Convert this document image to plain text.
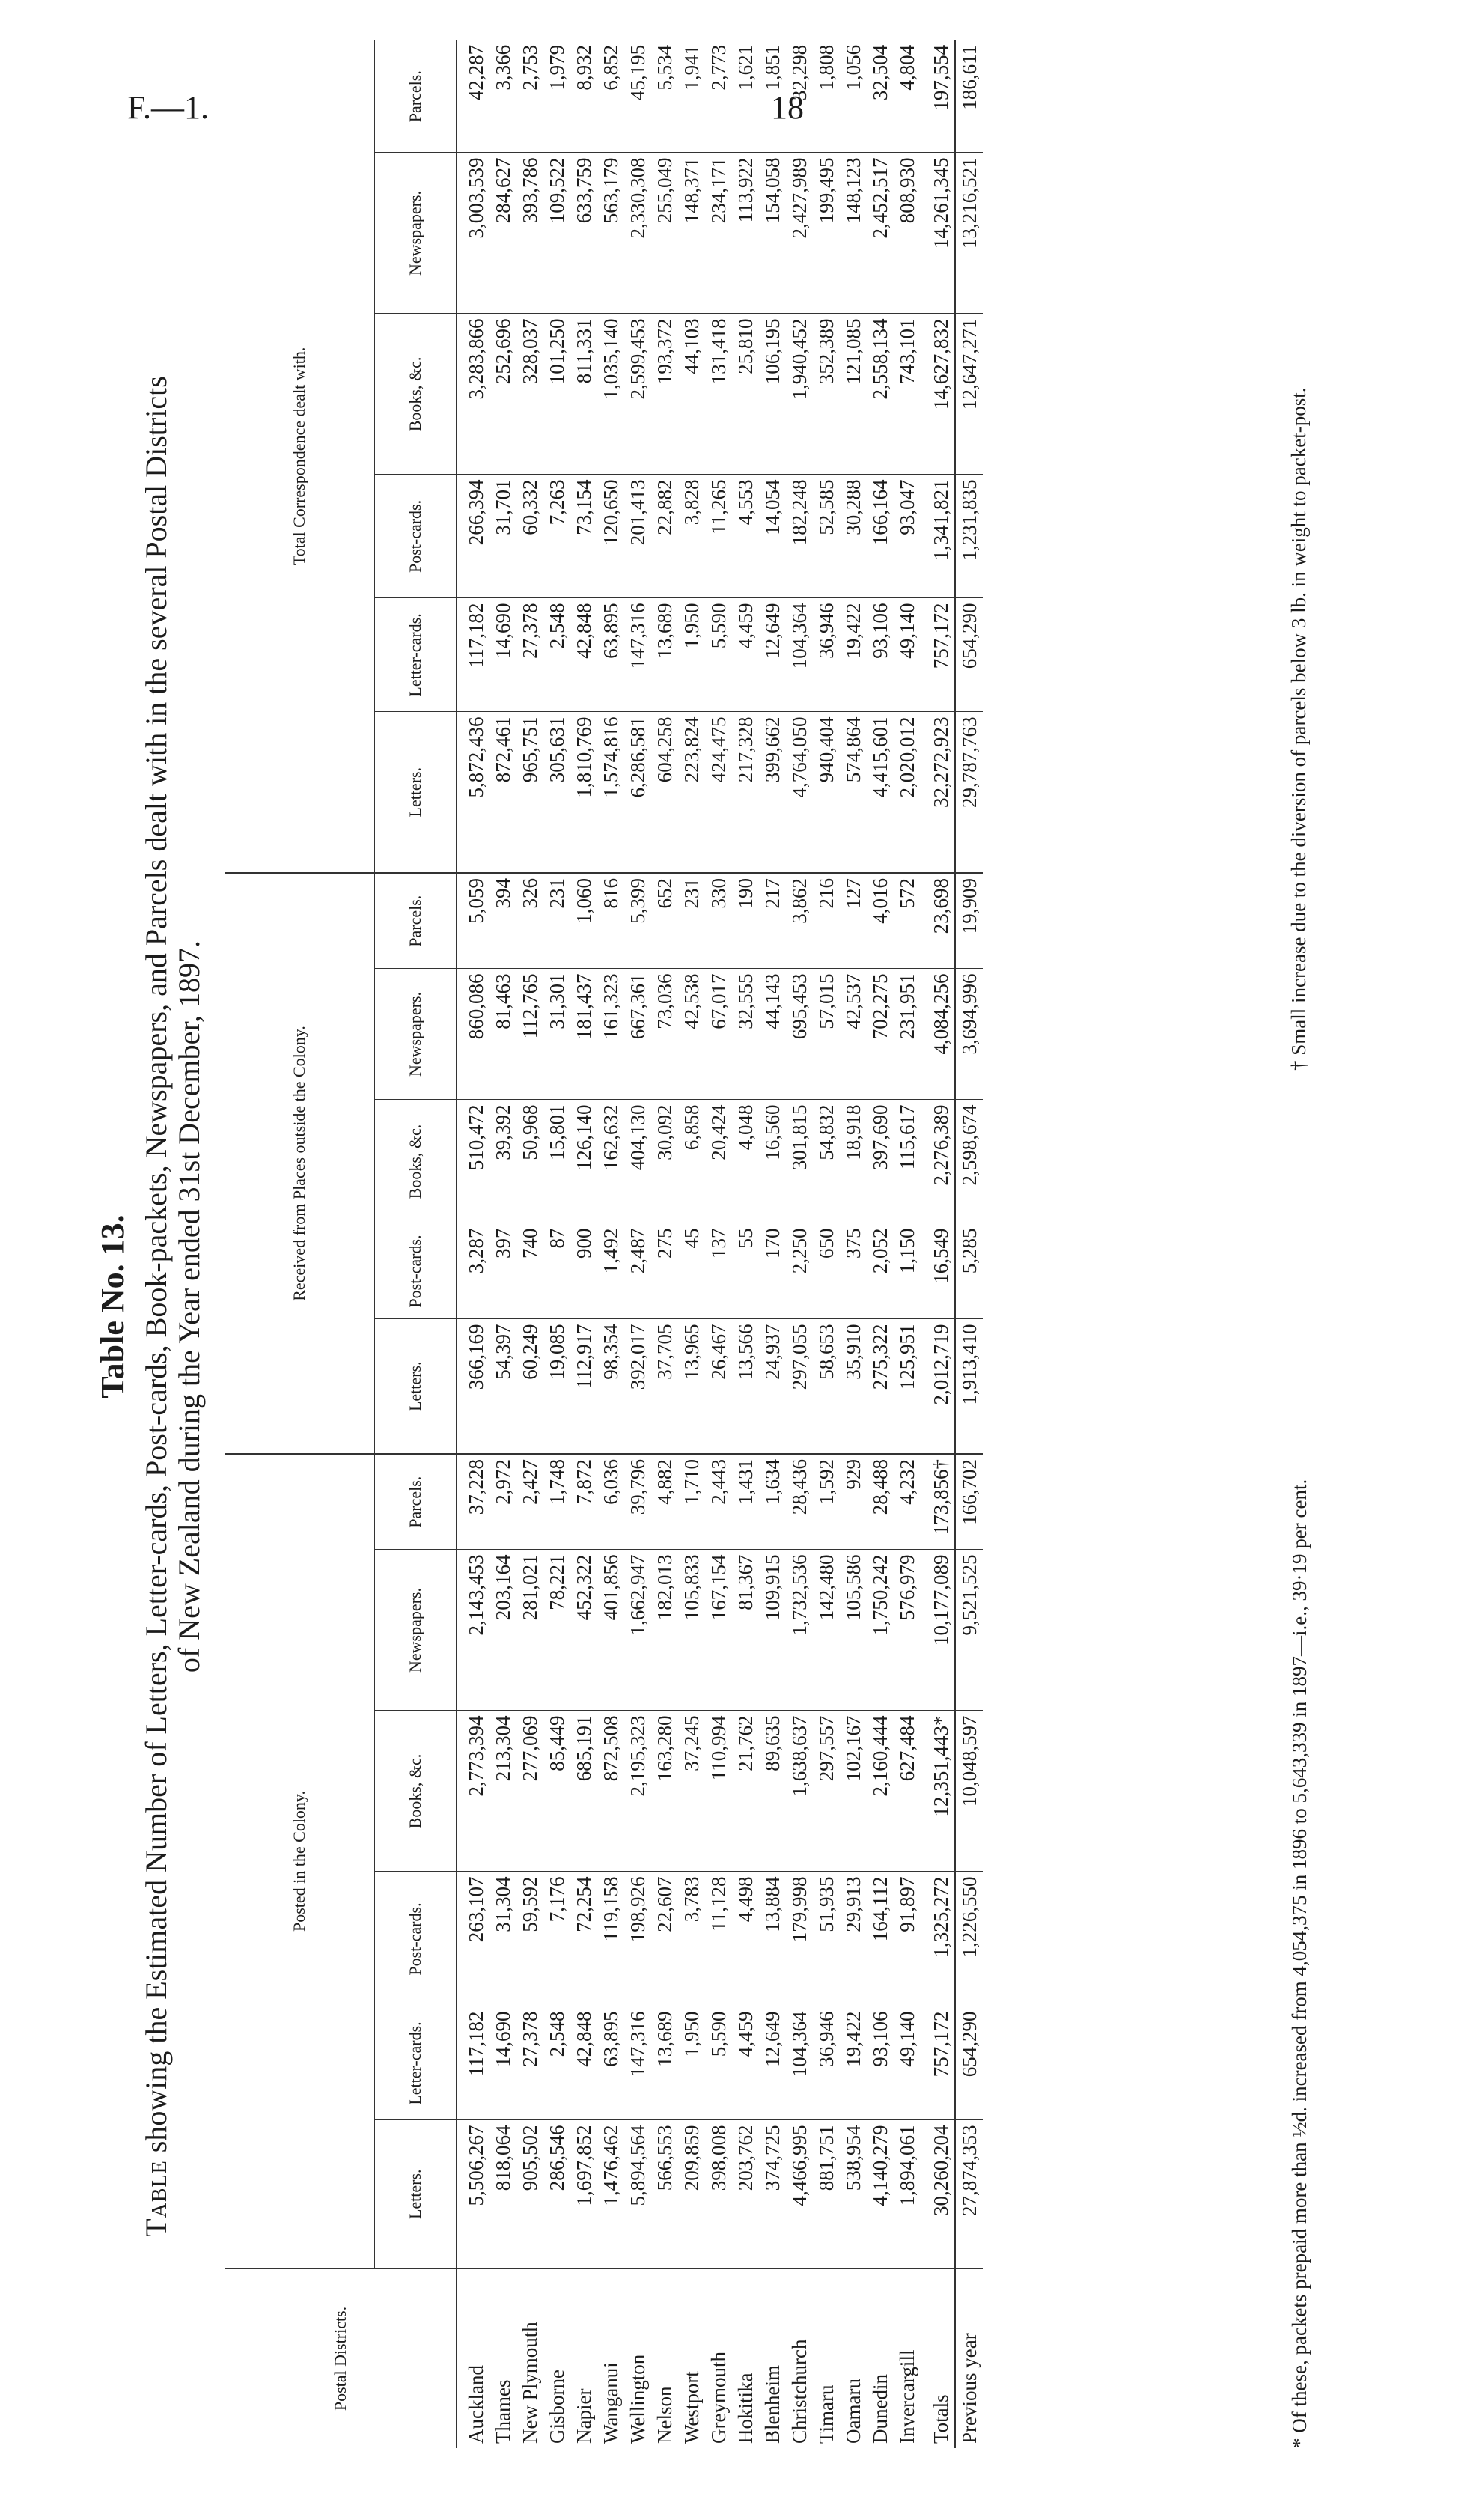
F.—1.	18
Table No. 13.
Table showing the Estimated Number of Letters, Letter-cards, Post-cards, Book-packets, Newspapers, and Parcels dealt with in the several Postal Districts
of New Zealand during the Year ended 31st December, 1897.
Postal Districts.	Posted in the Colony.						Received from Places outside the Colony.					Total Correspondence dealt with.					
	Letters.	Letter-cards.	Post-cards.	Books, &c.	Newspapers.	Parcels.	Letters.	Post-cards.	Books, &c.	Newspapers.	Parcels.	Letters.	Letter-cards.	Post-cards.	Books, &c.	Newspapers.	Parcels.
Auckland	5,506,267	117,182	263,107	2,773,394	2,143,453	37,228	366,169	3,287	510,472	860,086	5,059	5,872,436	117,182	266,394	3,283,866	3,003,539	42,287
Thames	818,064	14,690	31,304	213,304	203,164	2,972	54,397	397	39,392	81,463	394	872,461	14,690	31,701	252,696	284,627	3,366
New Plymouth	905,502	27,378	59,592	277,069	281,021	2,427	60,249	740	50,968	112,765	326	965,751	27,378	60,332	328,037	393,786	2,753
Gisborne	286,546	2,548	7,176	85,449	78,221	1,748	19,085	87	15,801	31,301	231	305,631	2,548	7,263	101,250	109,522	1,979
Napier	1,697,852	42,848	72,254	685,191	452,322	7,872	112,917	900	126,140	181,437	1,060	1,810,769	42,848	73,154	811,331	633,759	8,932
Wanganui	1,476,462	63,895	119,158	872,508	401,856	6,036	98,354	1,492	162,632	161,323	816	1,574,816	63,895	120,650	1,035,140	563,179	6,852
Wellington	5,894,564	147,316	198,926	2,195,323	1,662,947	39,796	392,017	2,487	404,130	667,361	5,399	6,286,581	147,316	201,413	2,599,453	2,330,308	45,195
Nelson	566,553	13,689	22,607	163,280	182,013	4,882	37,705	275	30,092	73,036	652	604,258	13,689	22,882	193,372	255,049	5,534
Westport	209,859	1,950	3,783	37,245	105,833	1,710	13,965	45	6,858	42,538	231	223,824	1,950	3,828	44,103	148,371	1,941
Greymouth	398,008	5,590	11,128	110,994	167,154	2,443	26,467	137	20,424	67,017	330	424,475	5,590	11,265	131,418	234,171	2,773
Hokitika	203,762	4,459	4,498	21,762	81,367	1,431	13,566	55	4,048	32,555	190	217,328	4,459	4,553	25,810	113,922	1,621
Blenheim	374,725	12,649	13,884	89,635	109,915	1,634	24,937	170	16,560	44,143	217	399,662	12,649	14,054	106,195	154,058	1,851
Christchurch	4,466,995	104,364	179,998	1,638,637	1,732,536	28,436	297,055	2,250	301,815	695,453	3,862	4,764,050	104,364	182,248	1,940,452	2,427,989	32,298
Timaru	881,751	36,946	51,935	297,557	142,480	1,592	58,653	650	54,832	57,015	216	940,404	36,946	52,585	352,389	199,495	1,808
Oamaru	538,954	19,422	29,913	102,167	105,586	929	35,910	375	18,918	42,537	127	574,864	19,422	30,288	121,085	148,123	1,056
Dunedin	4,140,279	93,106	164,112	2,160,444	1,750,242	28,488	275,322	2,052	397,690	702,275	4,016	4,415,601	93,106	166,164	2,558,134	2,452,517	32,504
Invercargill	1,894,061	49,140	91,897	627,484	576,979	4,232	125,951	1,150	115,617	231,951	572	2,020,012	49,140	93,047	743,101	808,930	4,804
Totals	30,260,204	757,172	1,325,272	12,351,443*	10,177,089	173,856†	2,012,719	16,549	2,276,389	4,084,256	23,698	32,272,923	757,172	1,341,821	14,627,832	14,261,345	197,554
Previous year	27,874,353	654,290	1,226,550	10,048,597	9,521,525	166,702	1,913,410	5,285	2,598,674	3,694,996	19,909	29,787,763	654,290	1,231,835	12,647,271	13,216,521	186,611
* Of these, packets prepaid more than ½d. increased from 4,054,375 in 1896 to 5,643,339 in 1897—i.e., 39·19 per cent.
† Small increase due to the diversion of parcels below 3 lb. in weight to packet-post.
